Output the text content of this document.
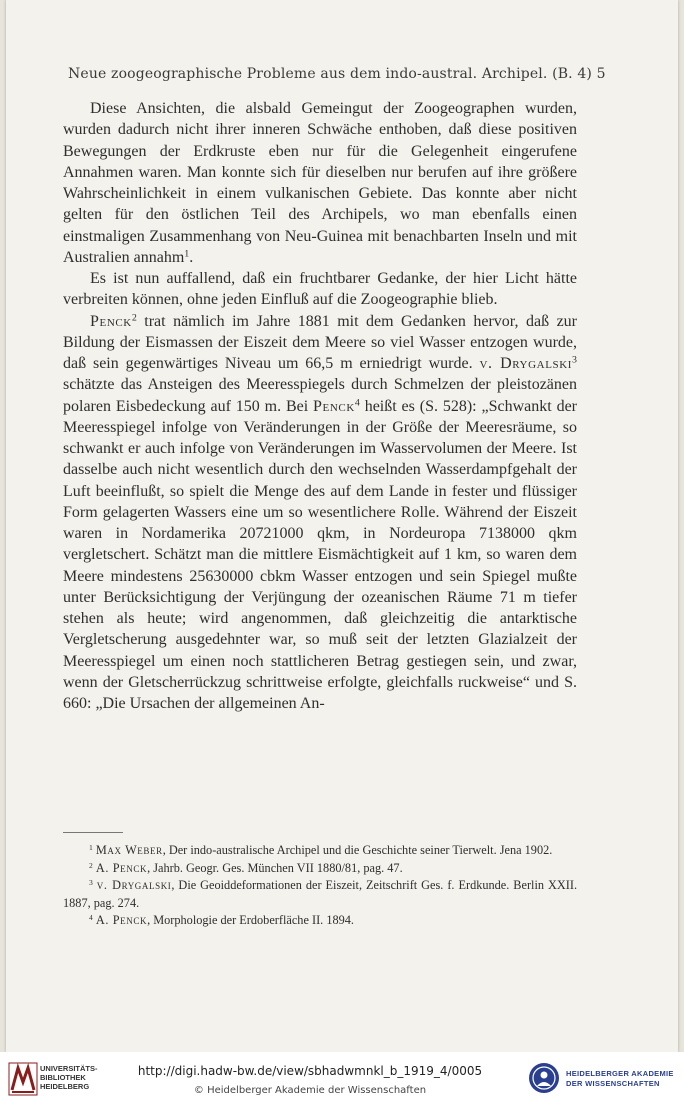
Neue zoogeographische Probleme aus dem indo-austral. Archipel. (B. 4) 5

Diese Ansichten, die alsbald Gemeingut der Zoogeographen wurden, wurden dadurch nicht ihrer inneren Schwäche enthoben, daß diese positiven Bewegungen der Erdkruste eben nur für die Gelegenheit eingerufene Annahmen waren. Man konnte sich für dieselben nur berufen auf ihre größere Wahrscheinlichkeit in einem vulkanischen Gebiete. Das konnte aber nicht gelten für den östlichen Teil des Archipels, wo man ebenfalls einen einstmaligen Zusammenhang von Neu-Guinea mit benachbarten Inseln und mit Australien annahm$^1$.

Es ist nun auffallend, daß ein fruchtbarer Gedanke, der hier Licht hätte verbreiten können, ohne jeden Einfluß auf die Zoogeographie blieb.

Penck$^2$ trat nämlich im Jahre 1881 mit dem Gedanken hervor, daß zur Bildung der Eismassen der Eiszeit dem Meere so viel Wasser entzogen wurde, daß sein gegenwärtiges Niveau um 66,5 m erniedrigt wurde. v. Drygalski$^3$ schätzte das Ansteigen des Meeresspiegels durch Schmelzen der pleistozänen polaren Eisbedeckung auf 150 m. Bei Penck$^4$ heißt es (S. 528): „Schwankt der Meeresspiegel infolge von Veränderungen in der Größe der Meeresräume, so schwankt er auch infolge von Veränderungen im Wasservolumen der Meere. Ist dasselbe auch nicht wesentlich durch den wechselnden Wasserdampfgehalt der Luft beeinflußt, so spielt die Menge des auf dem Lande in fester und flüssiger Form gelagerten Wassers eine um so wesentlichere Rolle. Während der Eiszeit waren in Nordamerika 20721000 qkm, in Nordeuropa 7138000 qkm vergletschert. Schätzt man die mittlere Eismächtigkeit auf 1 km, so waren dem Meere mindestens 25630000 cbkm Wasser entzogen und sein Spiegel mußte unter Berücksichtigung der Verjüngung der ozeanischen Räume 71 m tiefer stehen als heute; wird angenommen, daß gleichzeitig die antarktische Vergletscherung ausgedehnter war, so muß seit der letzten Glazialzeit der Meeresspiegel um einen noch stattlicheren Betrag gestiegen sein, und zwar, wenn der Gletscherrückzug schrittweise erfolgte, gleichfalls ruckweise“ und S. 660: „Die Ursachen der allgemeinen An-

$^1$ Max Weber, Der indo-australische Archipel und die Geschichte seiner Tierwelt. Jena 1902.

$^2$ A. Penck, Jahrb. Geogr. Ges. München VII 1880/81, pag. 47.

$^3$ v. Drygalski, Die Geoiddeformationen der Eiszeit, Zeitschrift Ges. f. Erdkunde. Berlin XXII. 1887, pag. 274.

$^4$ A. Penck, Morphologie der Erdoberfläche II. 1894.

UNIVERSITÄTS-
BIBLIOTHEK
HEIDELBERG
http://digi.hadw-bw.de/view/sbhadwmnkl_b_1919_4/0005
© Heidelberger Akademie der Wissenschaften
HEIDELBERGER AKADEMIE
DER WISSENSCHAFTEN
